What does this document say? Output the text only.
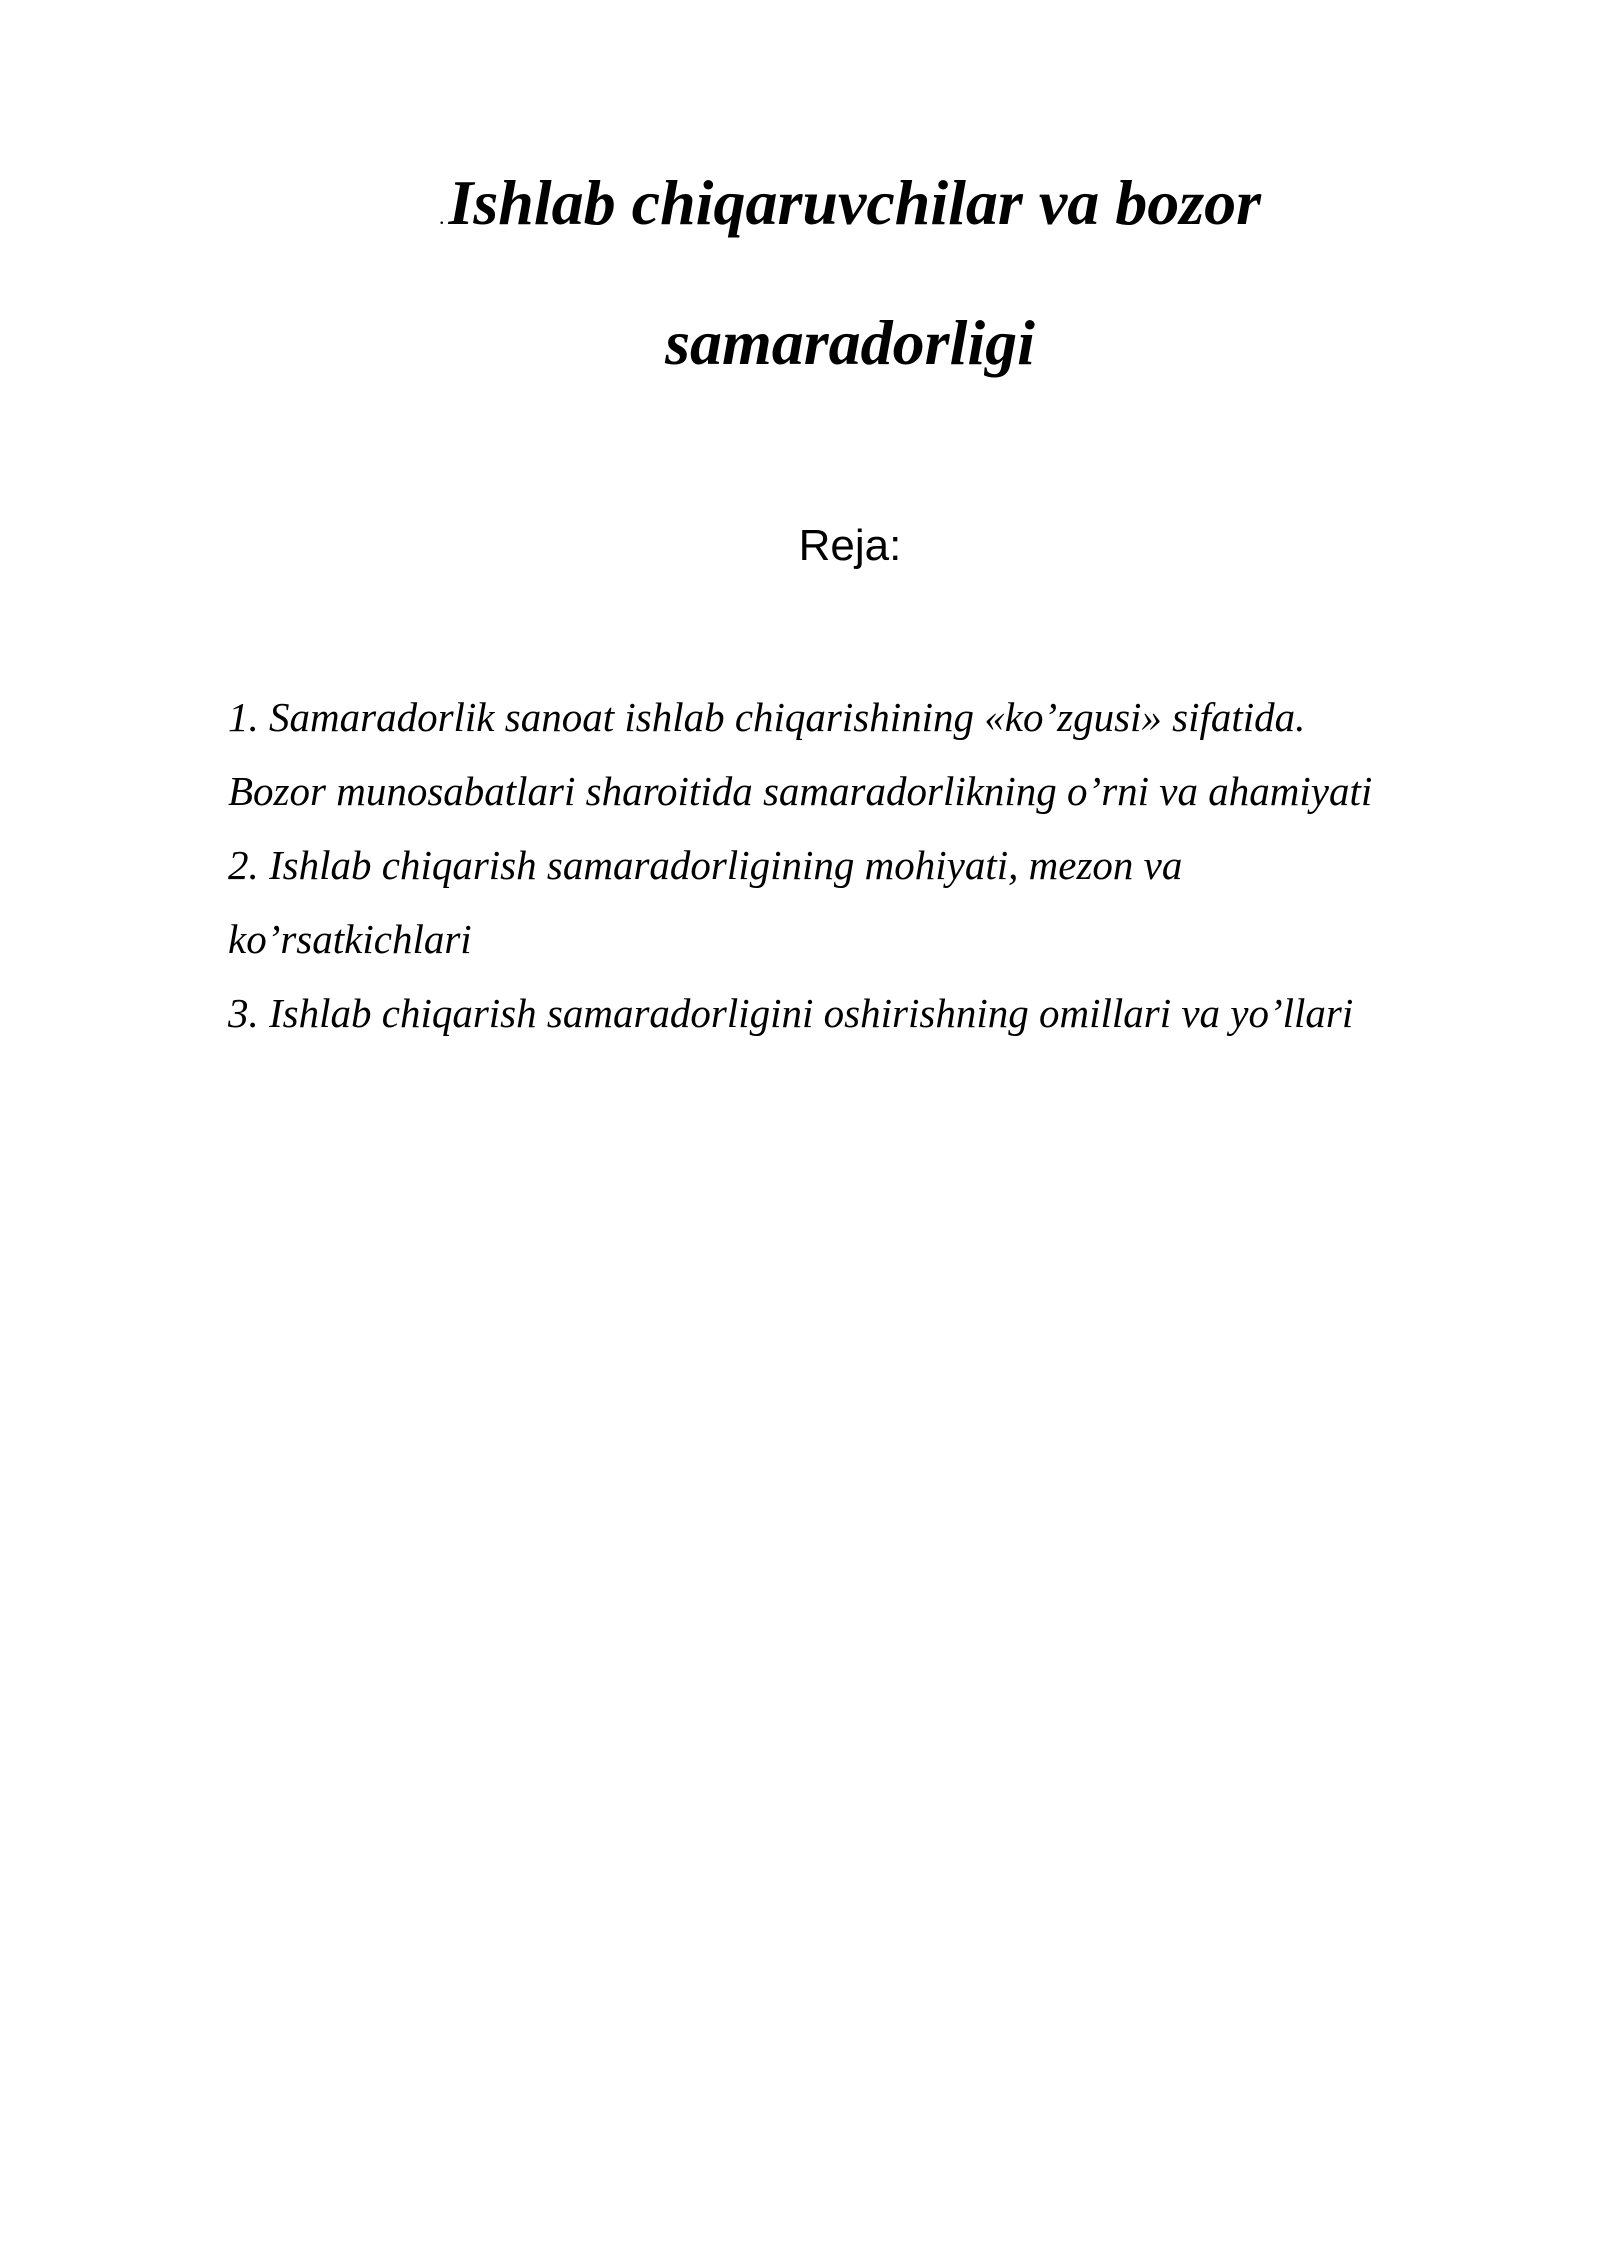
.Ishlab chiqaruvchilar va bozor
samaradorligi
Reja:
1. Samaradorlik sanoat ishlab chiqarishining «ko’zgusi» sifatida.
Bozor munosabatlari sharoitida samaradorlikning o’rni va ahamiyati
2. Ishlab chiqarish samaradorligining mohiyati, mezon va
ko’rsatkichlari
3. Ishlab chiqarish samaradorligini oshirishning omillari va yo’llari
